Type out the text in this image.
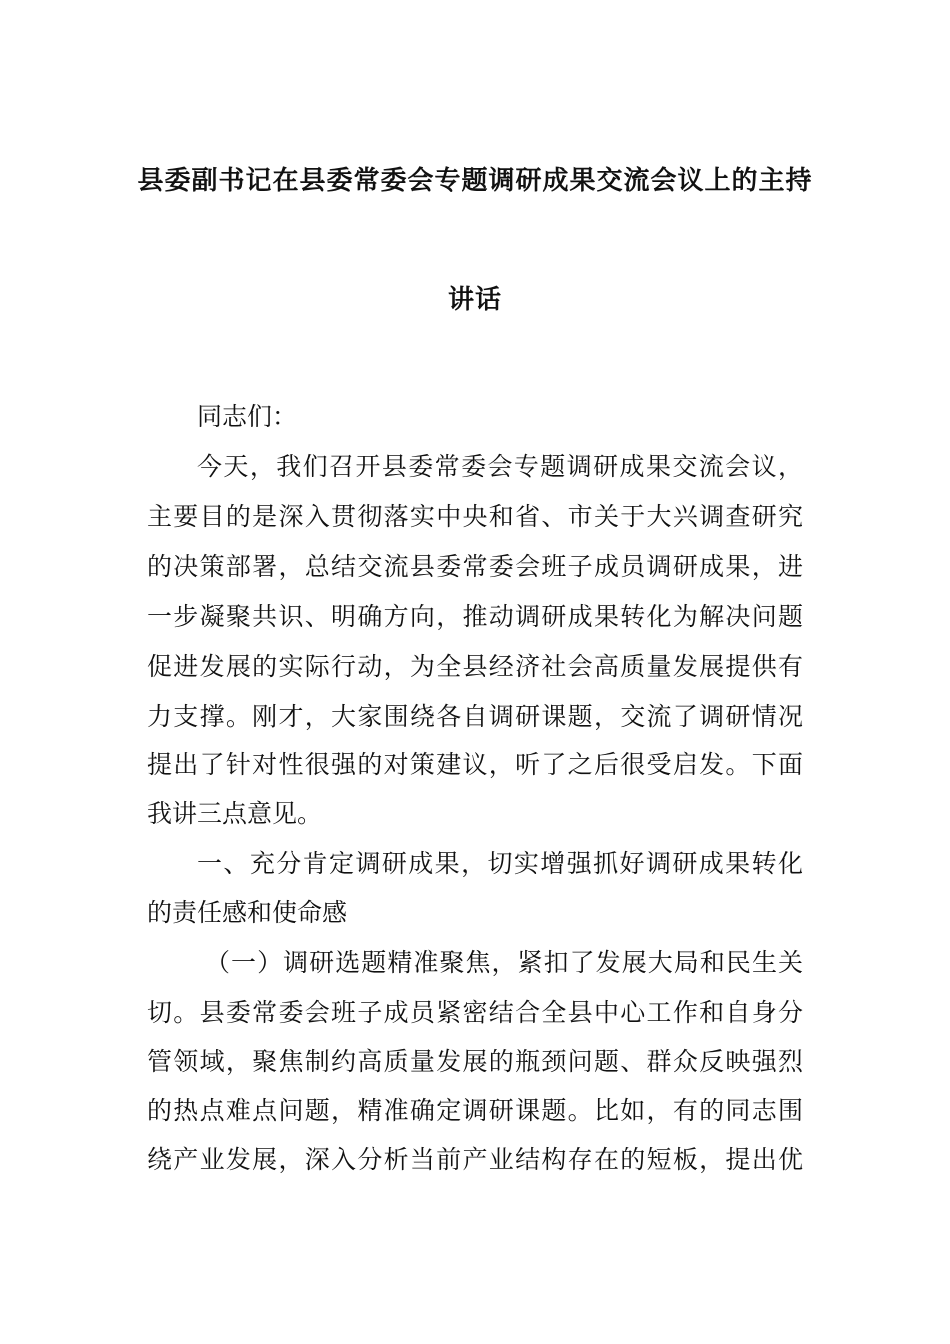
县委副书记在县委常委会专题调研成果交流会议上的主持
讲话
同志们：
今天，我们召开县委常委会专题调研成果交流会议，
主要目的是深入贯彻落实中央和省、市关于大兴调查研究
的决策部署，总结交流县委常委会班子成员调研成果，进
一步凝聚共识、明确方向，推动调研成果转化为解决问题
促进发展的实际行动，为全县经济社会高质量发展提供有
力支撑。刚才，大家围绕各自调研课题，交流了调研情况
提出了针对性很强的对策建议，听了之后很受启发。下面
我讲三点意见。
一、充分肯定调研成果，切实增强抓好调研成果转化
的责任感和使命感
（一）调研选题精准聚焦，紧扣了发展大局和民生关
切。县委常委会班子成员紧密结合全县中心工作和自身分
管领域，聚焦制约高质量发展的瓶颈问题、群众反映强烈
的热点难点问题，精准确定调研课题。比如，有的同志围
绕产业发展，深入分析当前产业结构存在的短板，提出优
